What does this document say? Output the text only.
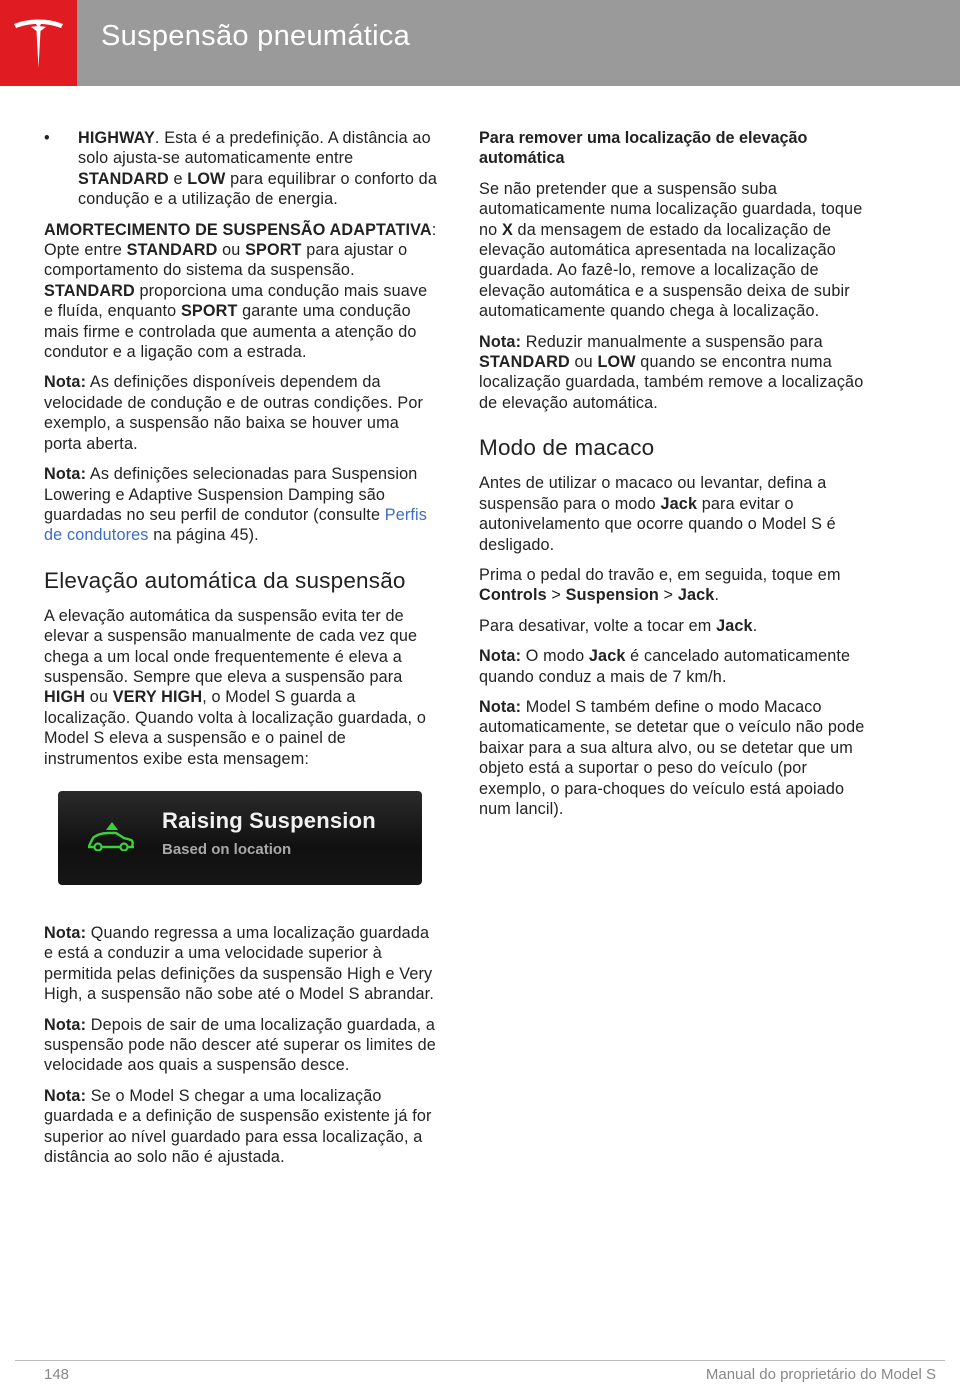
Suspensão pneumática

• HIGHWAY. Esta é a predefinição. A distância ao solo ajusta-se automaticamente entre STANDARD e LOW para equilibrar o conforto da condução e a utilização de energia.

AMORTECIMENTO DE SUSPENSÃO ADAPTATIVA: Opte entre STANDARD ou SPORT para ajustar o comportamento do sistema da suspensão. STANDARD proporciona uma condução mais suave e fluída, enquanto SPORT garante uma condução mais firme e controlada que aumenta a atenção do condutor e a ligação com a estrada.

Nota: As definições disponíveis dependem da velocidade de condução e de outras condições. Por exemplo, a suspensão não baixa se houver uma porta aberta.

Nota: As definições selecionadas para Suspension Lowering e Adaptive Suspension Damping são guardadas no seu perfil de condutor (consulte Perfis de condutores na página 45).

Elevação automática da suspensão

A elevação automática da suspensão evita ter de elevar a suspensão manualmente de cada vez que chega a um local onde frequentemente é eleva a suspensão. Sempre que eleva a suspensão para HIGH ou VERY HIGH, o Model S guarda a localização. Quando volta à localização guardada, o Model S eleva a suspensão e o painel de instrumentos exibe esta mensagem:

Raising Suspension
Based on location

Nota: Quando regressa a uma localização guardada e está a conduzir a uma velocidade superior à permitida pelas definições da suspensão High e Very High, a suspensão não sobe até o Model S abrandar.

Nota: Depois de sair de uma localização guardada, a suspensão pode não descer até superar os limites de velocidade aos quais a suspensão desce.

Nota: Se o Model S chegar a uma localização guardada e a definição de suspensão existente já for superior ao nível guardado para essa localização, a distância ao solo não é ajustada.

Para remover uma localização de elevação automática

Se não pretender que a suspensão suba automaticamente numa localização guardada, toque no X da mensagem de estado da localização de elevação automática apresentada na localização guardada. Ao fazê-lo, remove a localização de elevação automática e a suspensão deixa de subir automaticamente quando chega à localização.

Nota: Reduzir manualmente a suspensão para STANDARD ou LOW quando se encontra numa localização guardada, também remove a localização de elevação automática.

Modo de macaco

Antes de utilizar o macaco ou levantar, defina a suspensão para o modo Jack para evitar o autonivelamento que ocorre quando o Model S é desligado.

Prima o pedal do travão e, em seguida, toque em Controls > Suspension > Jack.

Para desativar, volte a tocar em Jack.

Nota: O modo Jack é cancelado automaticamente quando conduz a mais de 7 km/h.

Nota: Model S também define o modo Macaco automaticamente, se detetar que o veículo não pode baixar para a sua altura alvo, ou se detetar que um objeto está a suportar o peso do veículo (por exemplo, o para-choques do veículo está apoiado num lancil).

148	Manual do proprietário do Model S
